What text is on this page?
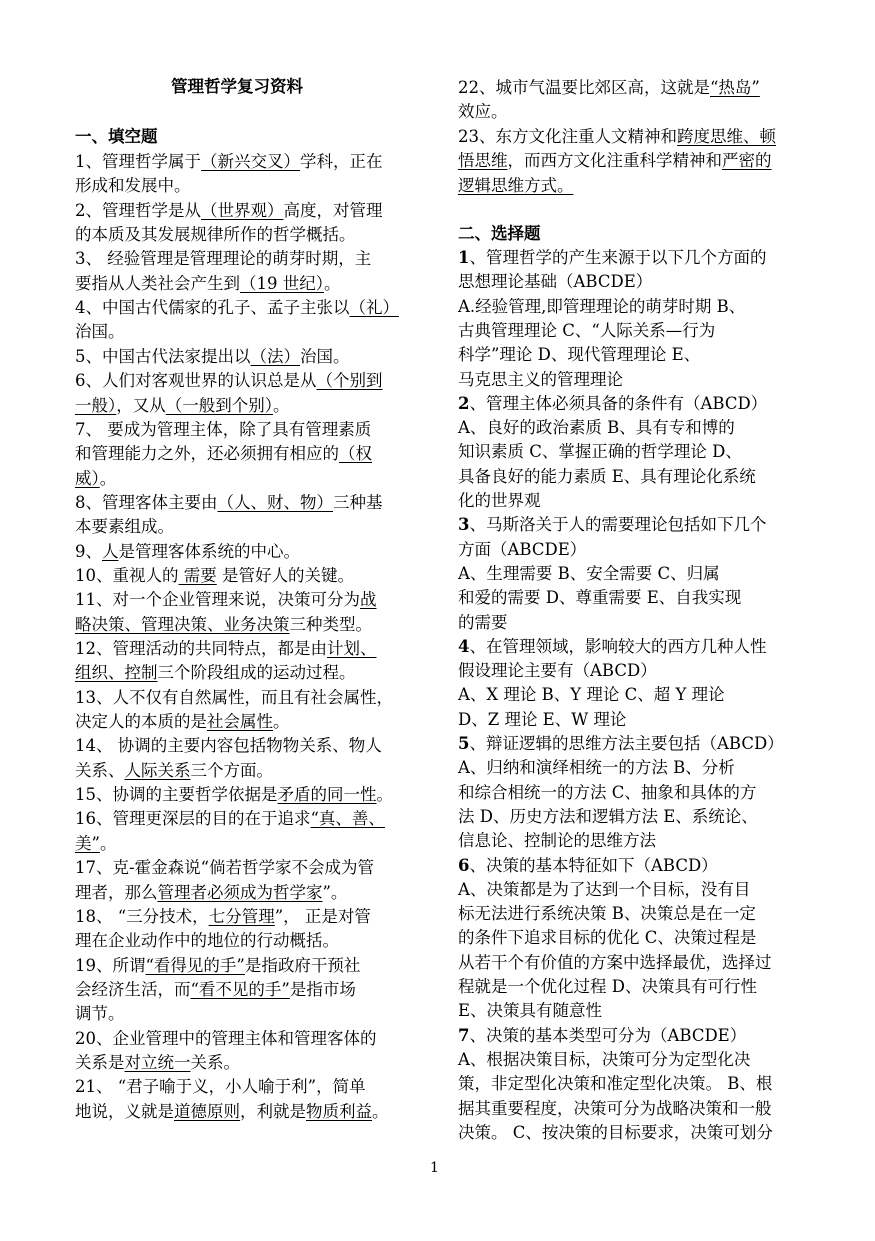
管理哲学复习资料
一、填空题
1、管理哲学属于（新兴交叉）学科，正在
形成和发展中。
2、管理哲学是从（世界观）高度，对管理
的本质及其发展规律所作的哲学概括。
3、 经验管理是管理理论的萌芽时期，主
要指从人类社会产生到（19 世纪）。
4、中国古代儒家的孔子、孟子主张以（礼）
治国。
5、中国古代法家提出以（法）治国。
6、人们对客观世界的认识总是从（个别到
一般），又从（一般到个别）。
7、 要成为管理主体，除了具有管理素质
和管理能力之外，还必须拥有相应的（权
威）。
8、管理客体主要由（人、财、物）三种基
本要素组成。
9、人是管理客体系统的中心。
10、重视人的 需要 是管好人的关键。
11、对一个企业管理来说，决策可分为战
略决策、管理决策、业务决策三种类型。
12、管理活动的共同特点，都是由计划、
组织、控制三个阶段组成的运动过程。
13、人不仅有自然属性，而且有社会属性，
决定人的本质的是社会属性。
14、 协调的主要内容包括物物关系、物人
关系、人际关系三个方面。
15、协调的主要哲学依据是矛盾的同一性。
16、管理更深层的目的在于追求“真、善、
美”。
17、克-霍金森说“倘若哲学家不会成为管
理者，那么管理者必须成为哲学家”。
18、 “三分技术，七分管理”， 正是对管
理在企业动作中的地位的行动概括。
19、所谓“看得见的手”是指政府干预社
会经济生活，而“看不见的手”是指市场
调节。
20、企业管理中的管理主体和管理客体的
关系是对立统一关系。
21、 “君子喻于义，小人喻于利”，简单
地说，义就是道德原则，利就是物质利益。
22、城市气温要比郊区高，这就是“热岛”
效应。
23、东方文化注重人文精神和跨度思维、顿
悟思维，而西方文化注重科学精神和严密的
逻辑思维方式。
二、选择题
1、管理哲学的产生来源于以下几个方面的
思想理论基础（ABCDE）
A.经验管理,即管理理论的萌芽时期 B、
古典管理理论 C、“人际关系—行为
科学”理论 D、现代管理理论 E、
马克思主义的管理理论
2、管理主体必须具备的条件有（ABCD）
A、良好的政治素质 B、具有专和博的
知识素质 C、掌握正确的哲学理论 D、
具备良好的能力素质 E、具有理论化系统
化的世界观
3、马斯洛关于人的需要理论包括如下几个
方面（ABCDE）
A、生理需要 B、安全需要 C、归属
和爱的需要 D、尊重需要 E、自我实现
的需要
4、在管理领域，影响较大的西方几种人性
假设理论主要有（ABCD）
A、X 理论 B、Y 理论 C、超 Y 理论
D、Z 理论 E、W 理论
5、辩证逻辑的思维方法主要包括（ABCD）
A、归纳和演绎相统一的方法 B、分析
和综合相统一的方法 C、抽象和具体的方
法 D、历史方法和逻辑方法 E、系统论、
信息论、控制论的思维方法
6、决策的基本特征如下（ABCD）
A、决策都是为了达到一个目标，没有目
标无法进行系统决策 B、决策总是在一定
的条件下追求目标的优化 C、决策过程是
从若干个有价值的方案中选择最优，选择过
程就是一个优化过程 D、决策具有可行性
E、决策具有随意性
7、决策的基本类型可分为（ABCDE）
A、根据决策目标，决策可分为定型化决
策，非定型化决策和准定型化决策。 B、根
据其重要程度，决策可分为战略决策和一般
决策。 C、按决策的目标要求，决策可划分
1
